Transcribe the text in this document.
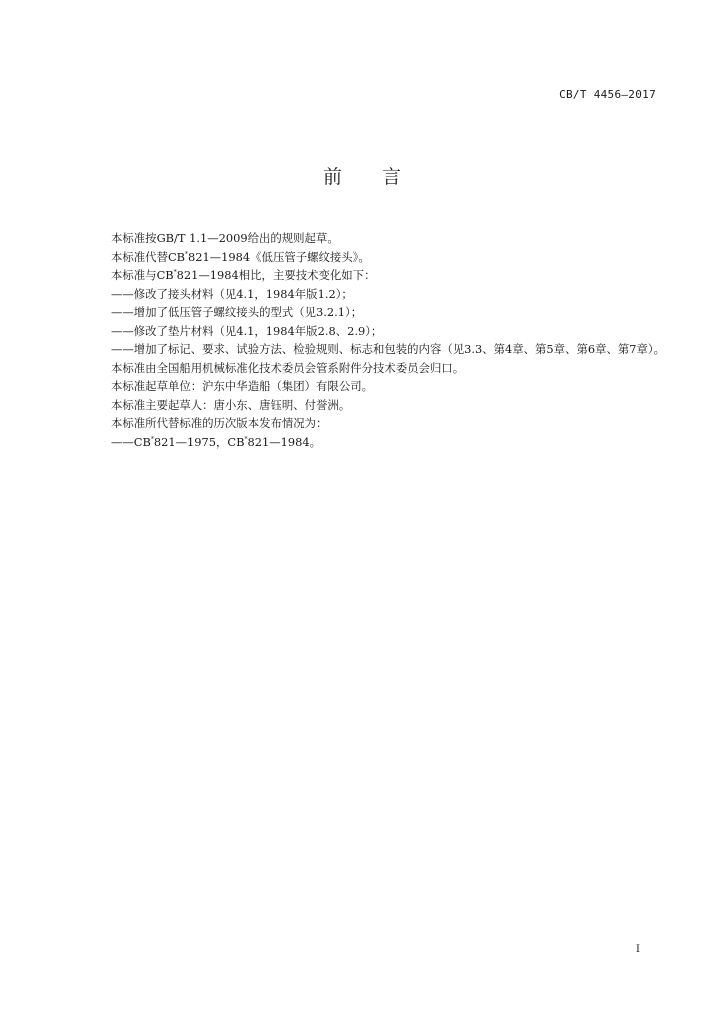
CB/T 4456—2017
前 言

本标准按GB/T 1.1—2009给出的规则起草。

本标准代替CB*821—1984《低压管子螺纹接头》。

本标准与CB*821—1984相比，主要技术变化如下：

——修改了接头材料（见4.1，1984年版1.2）；

——增加了低压管子螺纹接头的型式（见3.2.1）；

——修改了垫片材料（见4.1，1984年版2.8、2.9）；

——增加了标记、要求、试验方法、检验规则、标志和包装的内容（见3.3、第4章、第5章、第6章、第7章）。

本标准由全国船用机械标准化技术委员会管系附件分技术委员会归口。

本标准起草单位：沪东中华造船（集团）有限公司。

本标准主要起草人：唐小东、唐钰明、付誉洲。

本标准所代替标准的历次版本发布情况为：

——CB*821—1975，CB*821—1984。

I
